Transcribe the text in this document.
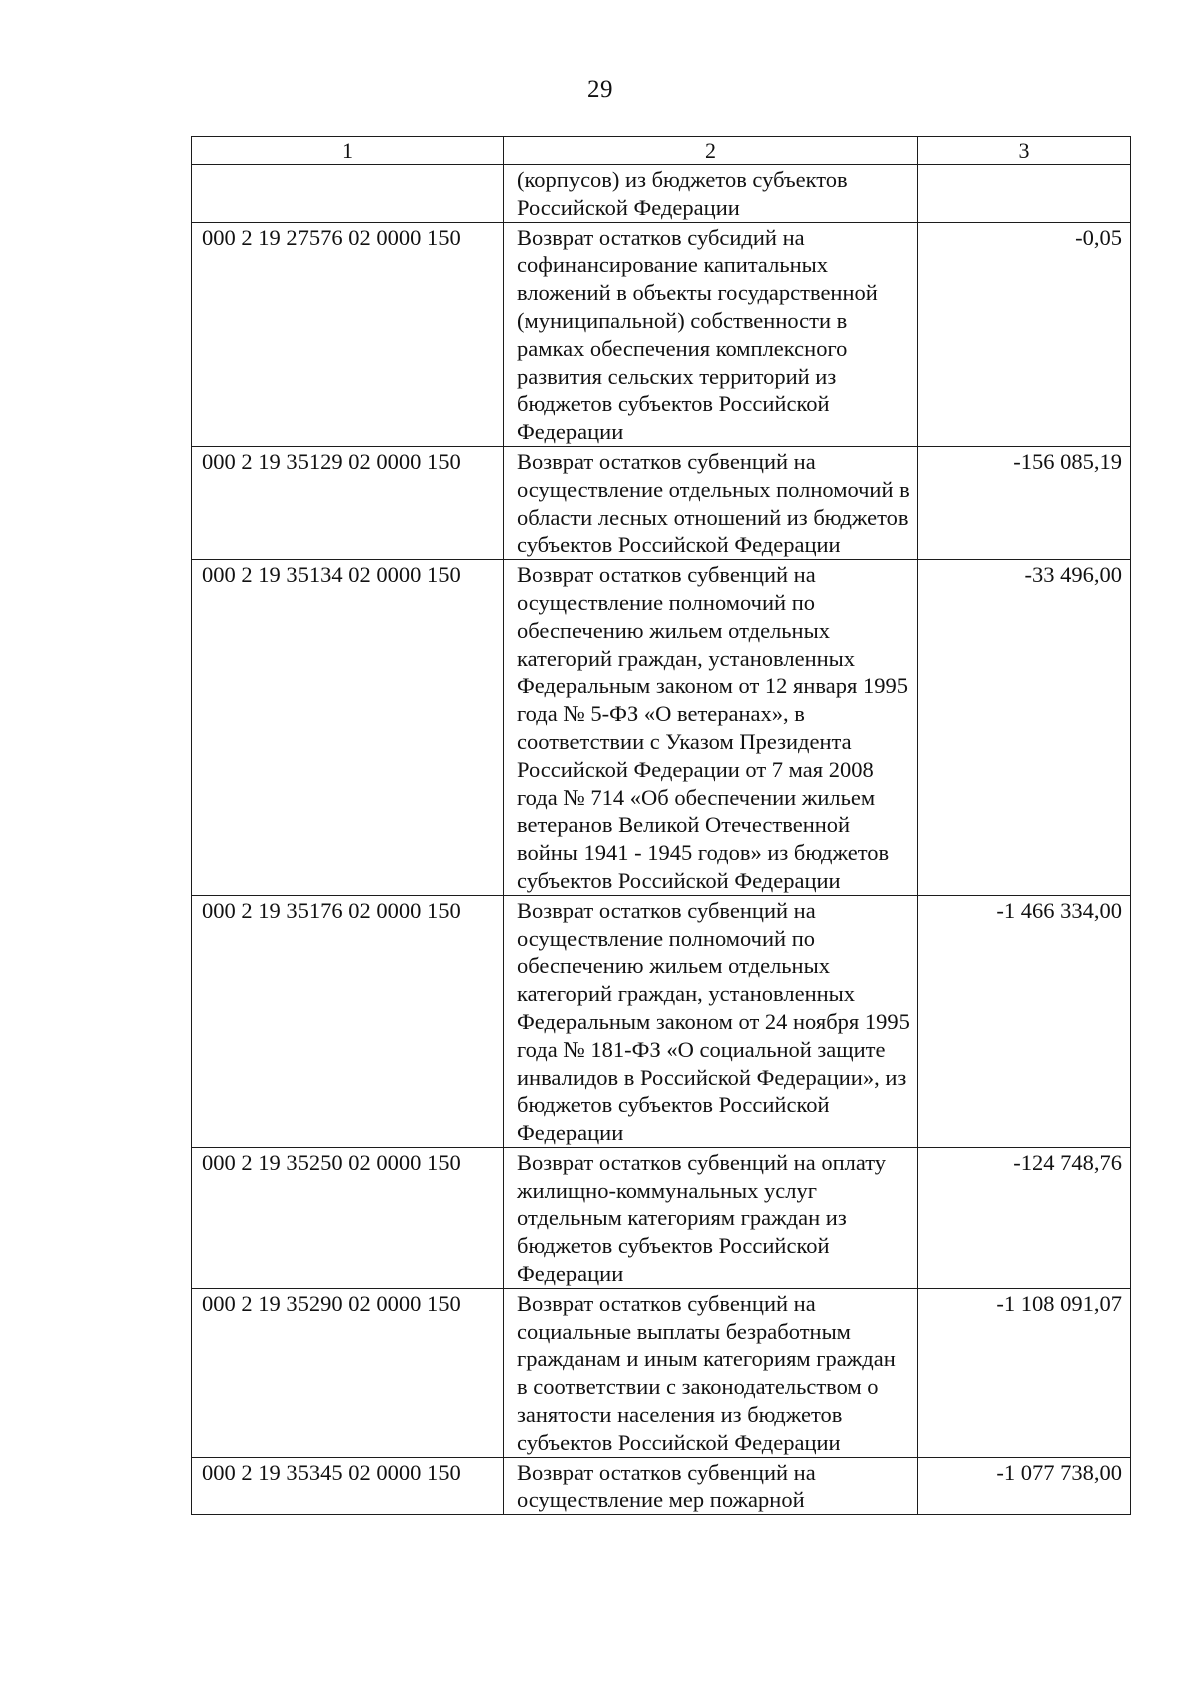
29
1	2	3
	(корпусов) из бюджетов субъектов Российской Федерации	
000 2 19 27576 02 0000 150	Возврат остатков субсидий на софинансирование капитальных вложений в объекты государственной (муниципальной) собственности в рамках обеспечения комплексного развития сельских территорий из бюджетов субъектов Российской Федерации	-0,05
000 2 19 35129 02 0000 150	Возврат остатков субвенций на осуществление отдельных полномочий в области лесных отношений из бюджетов субъектов Российской Федерации	-156 085,19
000 2 19 35134 02 0000 150	Возврат остатков субвенций на осуществление полномочий по обеспечению жильем отдельных категорий граждан, установленных Федеральным законом от 12 января 1995 года № 5-ФЗ «О ветеранах», в соответствии с Указом Президента Российской Федерации от 7 мая 2008 года № 714 «Об обеспечении жильем ветеранов Великой Отечественной войны 1941 - 1945 годов» из бюджетов субъектов Российской Федерации	-33 496,00
000 2 19 35176 02 0000 150	Возврат остатков субвенций на осуществление полномочий по обеспечению жильем отдельных категорий граждан, установленных Федеральным законом от 24 ноября 1995 года № 181-ФЗ «О социальной защите инвалидов в Российской Федерации», из бюджетов субъектов Российской Федерации	-1 466 334,00
000 2 19 35250 02 0000 150	Возврат остатков субвенций на оплату жилищно-коммунальных услуг отдельным категориям граждан из бюджетов субъектов Российской Федерации	-124 748,76
000 2 19 35290 02 0000 150	Возврат остатков субвенций на социальные выплаты безработным гражданам и иным категориям граждан в соответствии с законодательством о занятости населения из бюджетов субъектов Российской Федерации	-1 108 091,07
000 2 19 35345 02 0000 150	Возврат остатков субвенций на осуществление мер пожарной	-1 077 738,00
